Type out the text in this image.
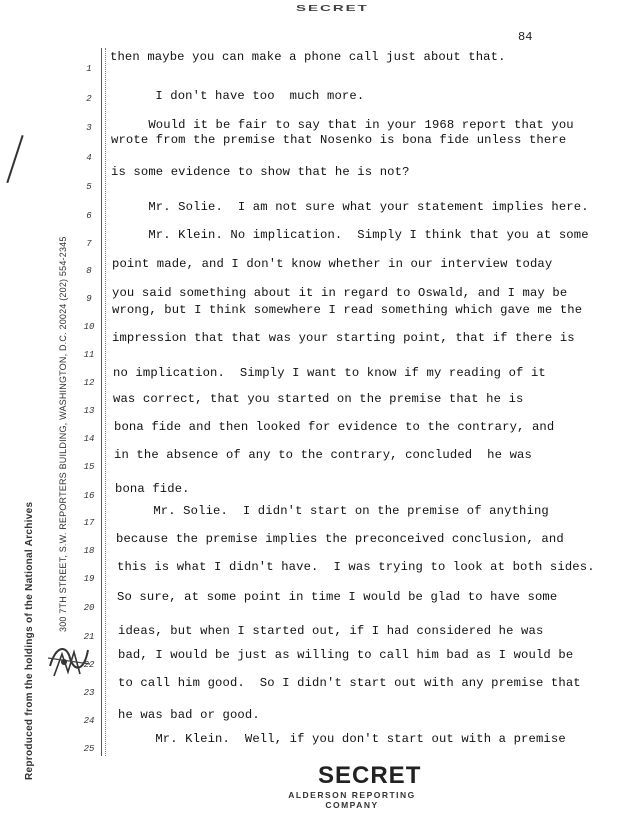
SECRET
84
Reproduced from the holdings of the National Archives
300 7TH STREET, S.W. REPORTERS BUILDING, WASHINGTON, D.C. 20024 (202) 554-2345
1
2
3
4
5
6
7
8
9
10
11
12
13
14
15
16
17
18
19
20
21
22
23
24
25
then maybe you can make a phone call just about that.
I don't have too  much more.
Would it be fair to say that in your 1968 report that you
wrote from the premise that Nosenko is bona fide unless there
is some evidence to show that he is not?
Mr. Solie.  I am not sure what your statement implies here.
Mr. Klein. No implication.  Simply I think that you at some
point made, and I don't know whether in our interview today
you said something about it in regard to Oswald, and I may be
wrong, but I think somewhere I read something which gave me the
impression that that was your starting point, that if there is
no implication.  Simply I want to know if my reading of it
was correct, that you started on the premise that he is
bona fide and then looked for evidence to the contrary, and
in the absence of any to the contrary, concluded  he was
bona fide.
Mr. Solie.  I didn't start on the premise of anything
because the premise implies the preconceived conclusion, and
this is what I didn't have.  I was trying to look at both sides.
So sure, at some point in time I would be glad to have some
ideas, but when I started out, if I had considered he was
bad, I would be just as willing to call him bad as I would be
to call him good.  So I didn't start out with any premise that
he was bad or good.
Mr. Klein.  Well, if you don't start out with a premise
SECRET
ALDERSON REPORTING COMPANY
